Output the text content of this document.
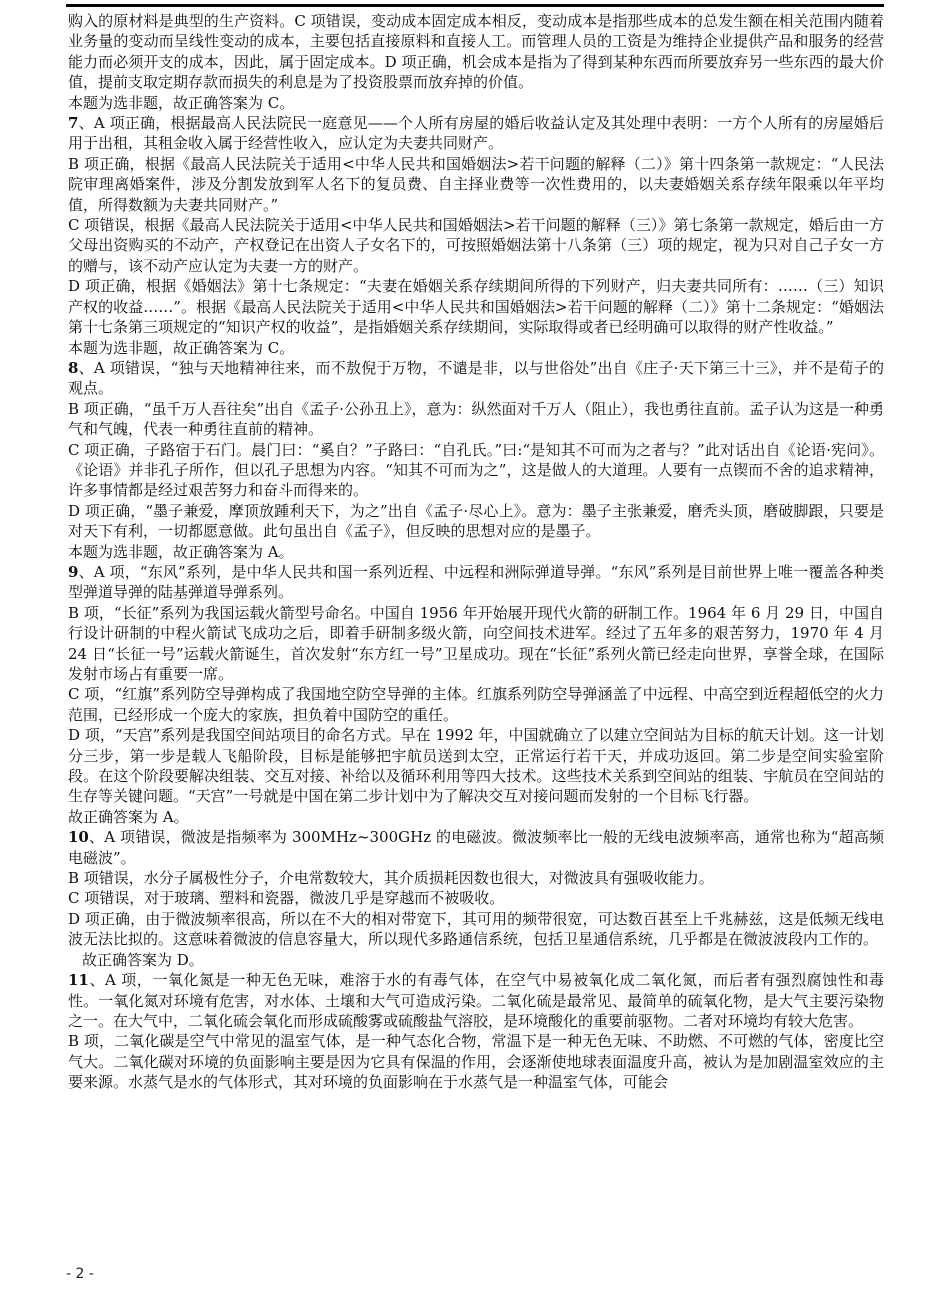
购入的原材料是典型的生产资料。C 项错误，变动成本固定成本相反，变动成本是指那些成本的总发生额在相关范围内随着业务量的变动而呈线性变动的成本，主要包括直接原料和直接人工。而管理人员的工资是为维持企业提供产品和服务的经营能力而必须开支的成本，因此，属于固定成本。D 项正确，机会成本是指为了得到某种东西而所要放弃另一些东西的最大价值，提前支取定期存款而损失的利息是为了投资股票而放弃掉的价值。

本题为选非题，故正确答案为 C。

7、A 项正确，根据最高人民法院民一庭意见——个人所有房屋的婚后收益认定及其处理中表明：一方个人所有的房屋婚后用于出租，其租金收入属于经营性收入，应认定为夫妻共同财产。

B 项正确，根据《最高人民法院关于适用<中华人民共和国婚姻法>若干问题的解释（二）》第十四条第一款规定：“人民法院审理离婚案件，涉及分割发放到军人名下的复员费、自主择业费等一次性费用的，以夫妻婚姻关系存续年限乘以年平均值，所得数额为夫妻共同财产。”

C 项错误，根据《最高人民法院关于适用<中华人民共和国婚姻法>若干问题的解释（三）》第七条第一款规定，婚后由一方父母出资购买的不动产，产权登记在出资人子女名下的，可按照婚姻法第十八条第（三）项的规定，视为只对自己子女一方的赠与，该不动产应认定为夫妻一方的财产。

D 项正确，根据《婚姻法》第十七条规定：“夫妻在婚姻关系存续期间所得的下列财产，归夫妻共同所有：……（三）知识产权的收益……”。根据《最高人民法院关于适用<中华人民共和国婚姻法>若干问题的解释（二）》第十二条规定：“婚姻法第十七条第三项规定的“知识产权的收益”，是指婚姻关系存续期间，实际取得或者已经明确可以取得的财产性收益。”

本题为选非题，故正确答案为 C。

8、A 项错误，“独与天地精神往来，而不敖倪于万物，不谴是非，以与世俗处”出自《庄子·天下第三十三》，并不是荀子的观点。

B 项正确，“虽千万人吾往矣”出自《孟子·公孙丑上》，意为：纵然面对千万人（阻止），我也勇往直前。孟子认为这是一种勇气和气魄，代表一种勇往直前的精神。

C 项正确，子路宿于石门。晨门曰：“奚自？”子路曰：“自孔氏。”曰:“是知其不可而为之者与？”此对话出自《论语·宪问》。《论语》并非孔子所作，但以孔子思想为内容。“知其不可而为之”，这是做人的大道理。人要有一点锲而不舍的追求精神，许多事情都是经过艰苦努力和奋斗而得来的。

D 项正确，“墨子兼爱，摩顶放踵利天下，为之”出自《孟子·尽心上》。意为：墨子主张兼爱，磨秃头顶，磨破脚跟，只要是对天下有利，一切都愿意做。此句虽出自《孟子》，但反映的思想对应的是墨子。

本题为选非题，故正确答案为 A。

9、A 项，“东风”系列，是中华人民共和国一系列近程、中远程和洲际弹道导弹。“东风”系列是目前世界上唯一覆盖各种类型弹道导弹的陆基弹道导弹系列。

B 项，“长征”系列为我国运载火箭型号命名。中国自 1956 年开始展开现代火箭的研制工作。1964 年 6 月 29 日，中国自行设计研制的中程火箭试飞成功之后，即着手研制多级火箭，向空间技术进军。经过了五年多的艰苦努力，1970 年 4 月 24 日“长征一号”运载火箭诞生，首次发射“东方红一号”卫星成功。现在“长征”系列火箭已经走向世界，享誉全球，在国际发射市场占有重要一席。

C 项，“红旗”系列防空导弹构成了我国地空防空导弹的主体。红旗系列防空导弹涵盖了中远程、中高空到近程超低空的火力范围，已经形成一个庞大的家族，担负着中国防空的重任。

D 项，“天宫”系列是我国空间站项目的命名方式。早在 1992 年，中国就确立了以建立空间站为目标的航天计划。这一计划分三步，第一步是载人飞船阶段，目标是能够把宇航员送到太空，正常运行若干天，并成功返回。第二步是空间实验室阶段。在这个阶段要解决组装、交互对接、补给以及循环利用等四大技术。这些技术关系到空间站的组装、宇航员在空间站的生存等关键问题。“天宫”一号就是中国在第二步计划中为了解决交互对接问题而发射的一个目标飞行器。

故正确答案为 A。

10、A 项错误，微波是指频率为 300MHz~300GHz 的电磁波。微波频率比一般的无线电波频率高，通常也称为“超高频电磁波”。

B 项错误，水分子属极性分子，介电常数较大，其介质损耗因数也很大，对微波具有强吸收能力。

C 项错误，对于玻璃、塑料和瓷器，微波几乎是穿越而不被吸收。

D 项正确，由于微波频率很高，所以在不大的相对带宽下，其可用的频带很宽，可达数百甚至上千兆赫兹，这是低频无线电波无法比拟的。这意味着微波的信息容量大，所以现代多路通信系统，包括卫星通信系统，几乎都是在微波波段内工作的。

故正确答案为 D。

11、A 项，一氧化氮是一种无色无味，难溶于水的有毒气体，在空气中易被氧化成二氧化氮，而后者有强烈腐蚀性和毒性。一氧化氮对环境有危害，对水体、土壤和大气可造成污染。二氧化硫是最常见、最简单的硫氧化物，是大气主要污染物之一。在大气中，二氧化硫会氧化而形成硫酸雾或硫酸盐气溶胶，是环境酸化的重要前驱物。二者对环境均有较大危害。

B 项，二氧化碳是空气中常见的温室气体，是一种气态化合物，常温下是一种无色无味、不助燃、不可燃的气体，密度比空气大。二氧化碳对环境的负面影响主要是因为它具有保温的作用，会逐渐使地球表面温度升高，被认为是加剧温室效应的主要来源。水蒸气是水的气体形式，其对环境的负面影响在于水蒸气是一种温室气体，可能会

- 2 -
